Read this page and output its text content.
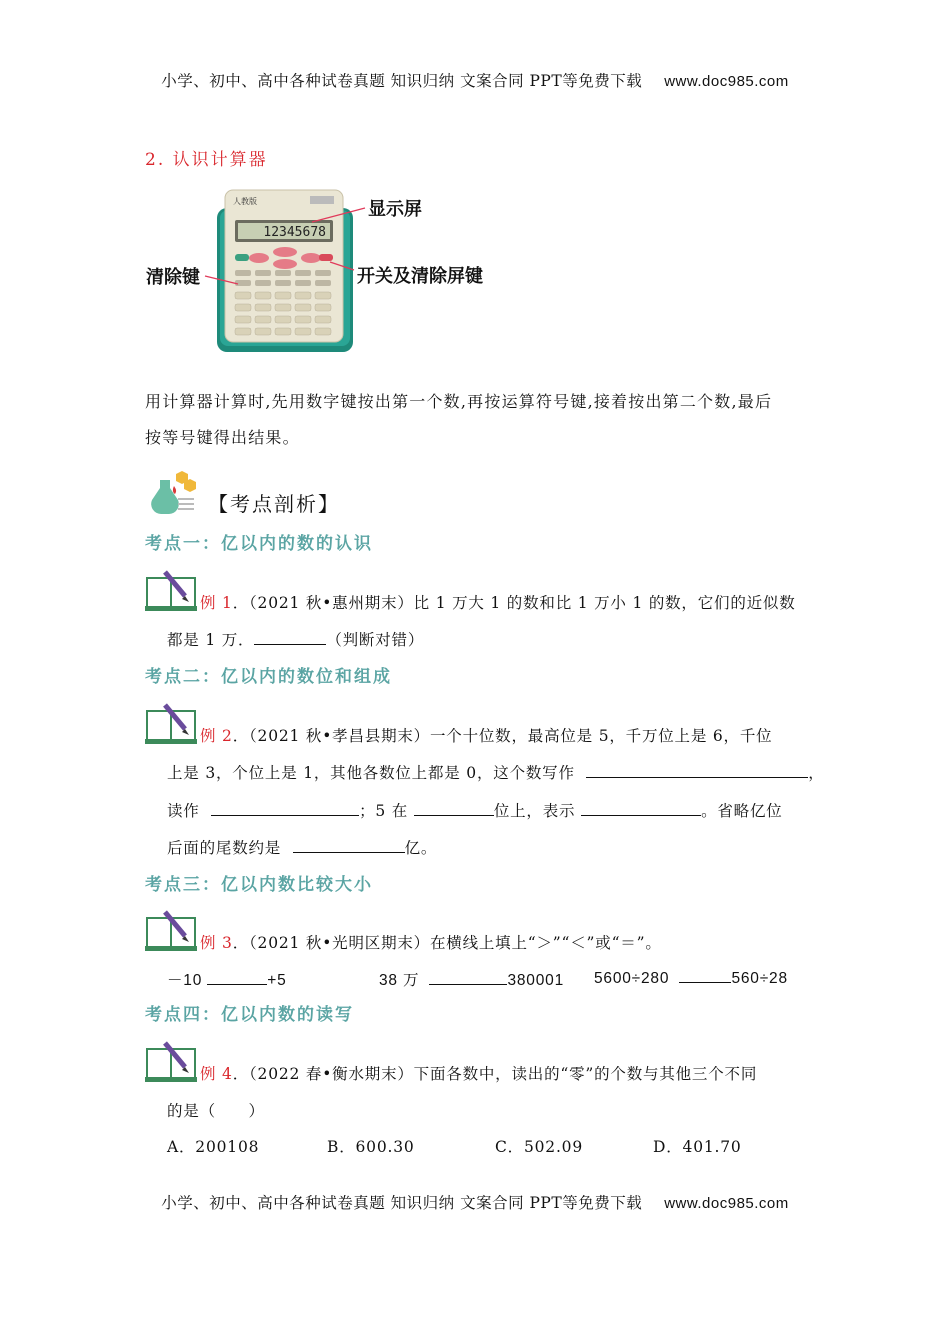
小学、初中、高中各种试卷真题 知识归纳 文案合同 PPT等免费下载 www.doc985.com
2. 认识计算器
人教版
12345678
显示屏
清除键	开关及清除屏键
用计算器计算时,先用数字键按出第一个数,再按运算符号键,接着按出第二个数,最后
按等号键得出结果。
【考点剖析】
考点一：亿以内的数的认识
例 1．（2021 秋•惠州期末）比 1 万大 1 的数和比 1 万小 1 的数，它们的近似数
都是 1 万．	（判断对错）
考点二：亿以内的数位和组成
例 2．（2021 秋•孝昌县期末）一个十位数，最高位是 5，千万位上是 6，千位
上是 3，个位上是 1，其他各数位上都是 0，这个数写作	，
读作	；5 在	位上，表示	。省略亿位
后面的尾数约是	亿。
考点三：亿以内数比较大小
例 3．（2021 秋•光明区期末）在横线上填上“＞”“＜”或“＝”。
－10	+5	38 万	380001 5600÷280	560÷28
考点四：亿以内数的读写
例 4．（2022 春•衡水期末）下面各数中，读出的“零”的个数与其他三个不同
的是（　　）
A．200108	B．600.30	C．502.09	D．401.70
小学、初中、高中各种试卷真题 知识归纳 文案合同 PPT等免费下载 www.doc985.com
